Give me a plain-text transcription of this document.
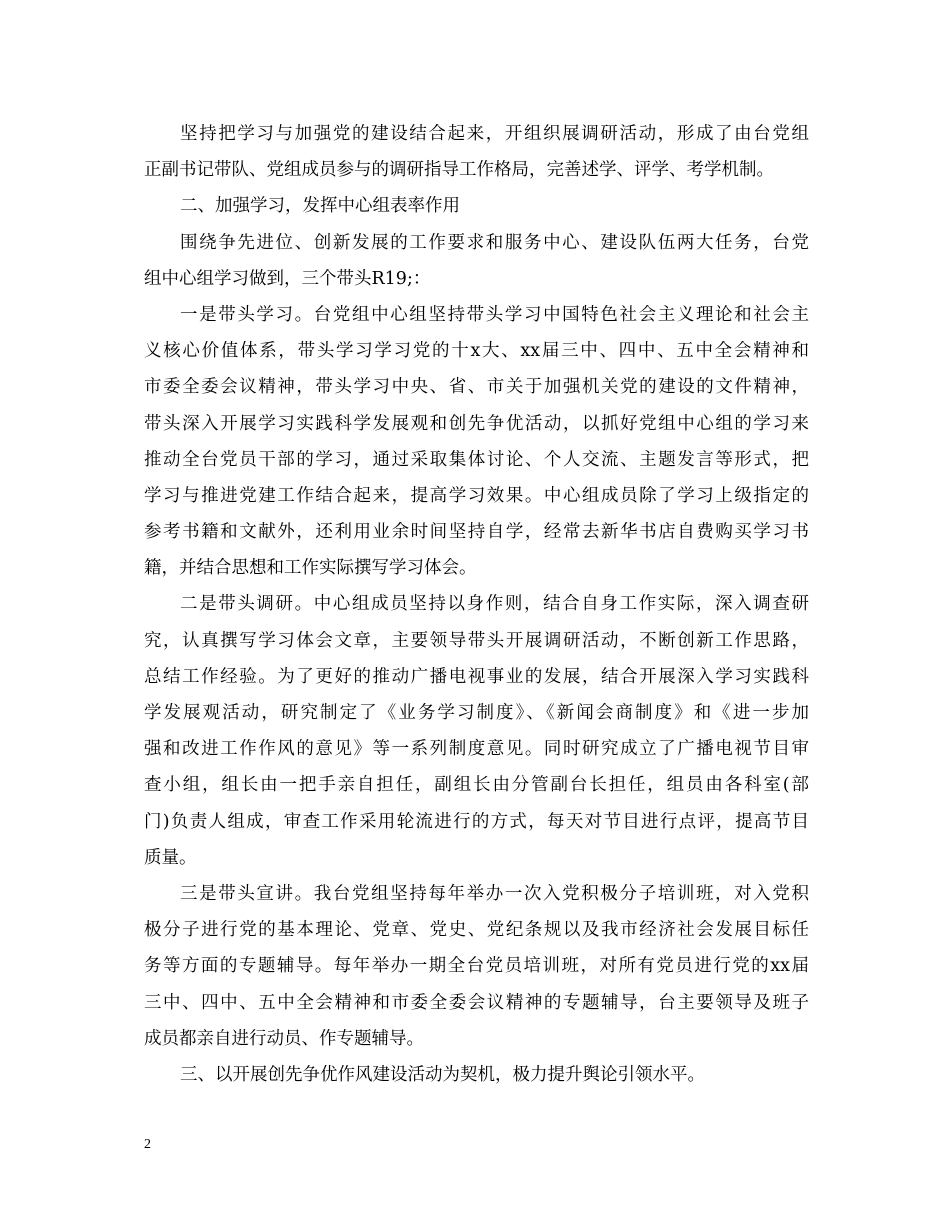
坚持把学习与加强党的建设结合起来，开组织展调研活动，形成了由台党组
正副书记带队、党组成员参与的调研指导工作格局，完善述学、评学、考学机制。
二、加强学习，发挥中心组表率作用
围绕争先进位、创新发展的工作要求和服务中心、建设队伍两大任务，台党
组中心组学习做到，三个带头R19;：
一是带头学习。台党组中心组坚持带头学习中国特色社会主义理论和社会主
义核心价值体系，带头学习学习党的十x大、xx届三中、四中、五中全会精神和
市委全委会议精神，带头学习中央、省、市关于加强机关党的建设的文件精神，
带头深入开展学习实践科学发展观和创先争优活动，以抓好党组中心组的学习来
推动全台党员干部的学习，通过采取集体讨论、个人交流、主题发言等形式，把
学习与推进党建工作结合起来，提高学习效果。中心组成员除了学习上级指定的
参考书籍和文献外，还利用业余时间坚持自学，经常去新华书店自费购买学习书
籍，并结合思想和工作实际撰写学习体会。
二是带头调研。中心组成员坚持以身作则，结合自身工作实际，深入调查研
究，认真撰写学习体会文章，主要领导带头开展调研活动，不断创新工作思路，
总结工作经验。为了更好的推动广播电视事业的发展，结合开展深入学习实践科
学发展观活动，研究制定了《业务学习制度》、《新闻会商制度》和《进一步加
强和改进工作作风的意见》等一系列制度意见。同时研究成立了广播电视节目审
查小组，组长由一把手亲自担任，副组长由分管副台长担任，组员由各科室(部
门)负责人组成，审查工作采用轮流进行的方式，每天对节目进行点评，提高节目
质量。
三是带头宣讲。我台党组坚持每年举办一次入党积极分子培训班，对入党积
极分子进行党的基本理论、党章、党史、党纪条规以及我市经济社会发展目标任
务等方面的专题辅导。每年举办一期全台党员培训班，对所有党员进行党的xx届
三中、四中、五中全会精神和市委全委会议精神的专题辅导，台主要领导及班子
成员都亲自进行动员、作专题辅导。
三、以开展创先争优作风建设活动为契机，极力提升舆论引领水平。
2
